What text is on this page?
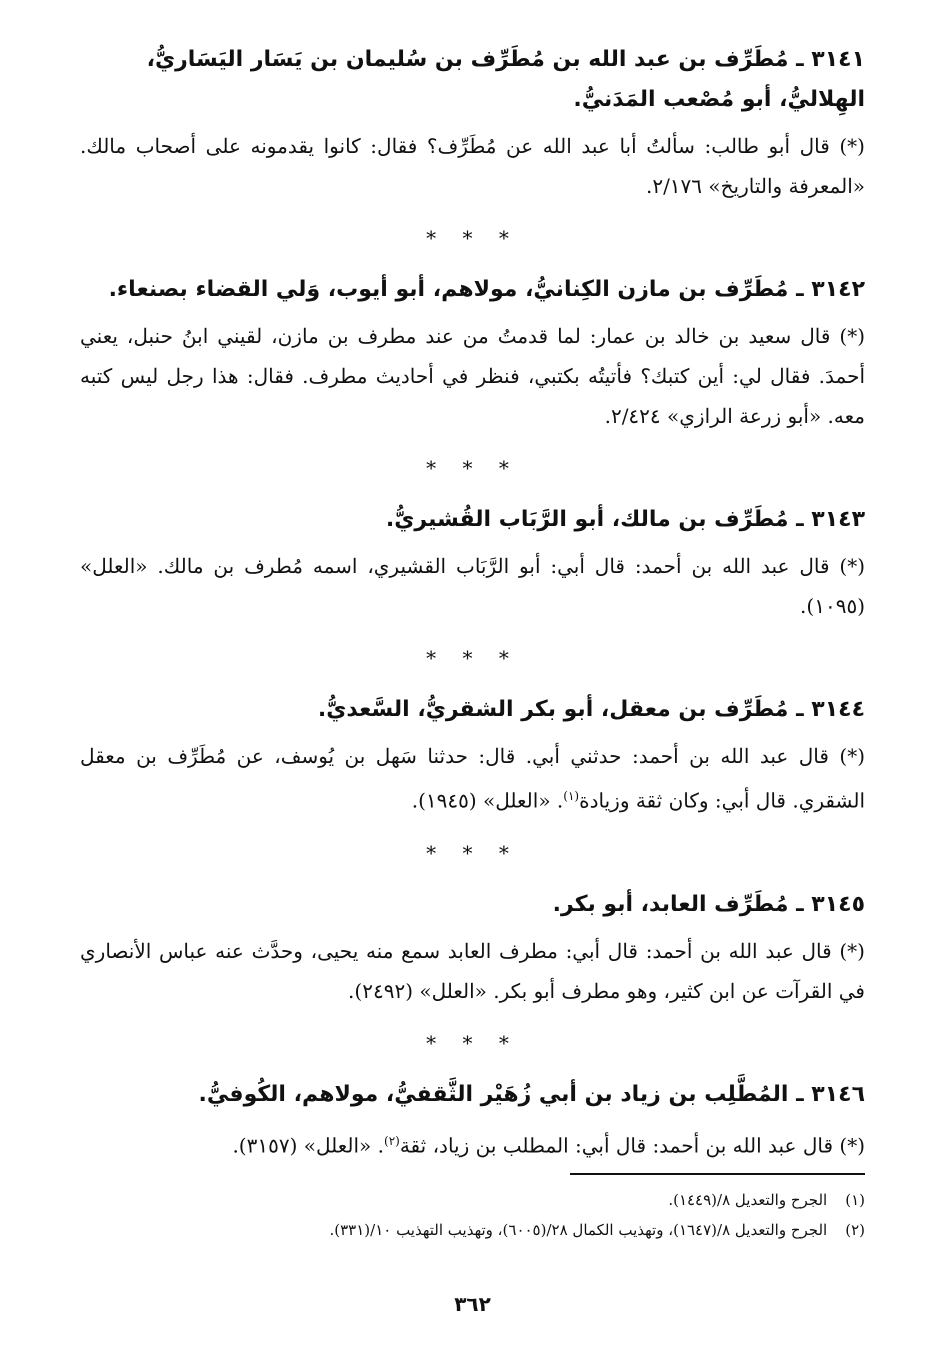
٣١٤١ ـ مُطَرِّف بن عبد الله بن مُطَرِّف بن سُليمان بن يَسَار اليَسَاريُّ، الهِلاليُّ، أبو مُصْعب المَدَنيُّ.

(*) قال أبو طالب: سألتُ أبا عبد الله عن مُطَرِّف؟ فقال: كانوا يقدمونه على أصحاب مالك. «المعرفة والتاريخ» ٢/١٧٦.

* * *

٣١٤٢ ـ مُطَرِّف بن مازن الكِنانيُّ، مولاهم، أبو أيوب، وَلي القضاء بصنعاء.

(*) قال سعيد بن خالد بن عمار: لما قدمتُ من عند مطرف بن مازن، لقيني ابنُ حنبل، يعني أحمدَ. فقال لي: أين كتبك؟ فأتيتُه بكتبي، فنظر في أحاديث مطرف. فقال: هذا رجل ليس كتبه معه. «أبو زرعة الرازي» ٢/٤٢٤.

* * *

٣١٤٣ ـ مُطَرِّف بن مالك، أبو الرَّبَاب القُشيريُّ.

(*) قال عبد الله بن أحمد: قال أبي: أبو الرَّبَاب القشيري، اسمه مُطرف بن مالك. «العلل» (١٠٩٥).

* * *

٣١٤٤ ـ مُطَرِّف بن معقل، أبو بكر الشقريُّ، السَّعديُّ.

(*) قال عبد الله بن أحمد: حدثني أبي. قال: حدثنا سَهل بن يُوسف، عن مُطَرِّف بن معقل الشقري. قال أبي: وكان ثقة وزيادة$^{(١)}$. «العلل» (١٩٤٥).

* * *

٣١٤٥ ـ مُطَرِّف العابد، أبو بكر.

(*) قال عبد الله بن أحمد: قال أبي: مطرف العابد سمع منه يحيى، وحدَّث عنه عباس الأنصاري في القرآت عن ابن كثير، وهو مطرف أبو بكر. «العلل» (٢٤٩٢).

* * *

٣١٤٦ ـ المُطَّلِب بن زياد بن أبي زُهَيْر الثَّقفيُّ، مولاهم، الكُوفيُّ.

(*) قال عبد الله بن أحمد: قال أبي: المطلب بن زياد، ثقة$^{(٢)}$. «العلل» (٣١٥٧).

(١)
الجرح والتعديل ٨/(١٤٤٩).
(٢)
الجرح والتعديل ٨/(١٦٤٧)، وتهذيب الكمال ٢٨/(٦٠٠٥)، وتهذيب التهذيب ١٠/(٣٣١).
٣٦٢
